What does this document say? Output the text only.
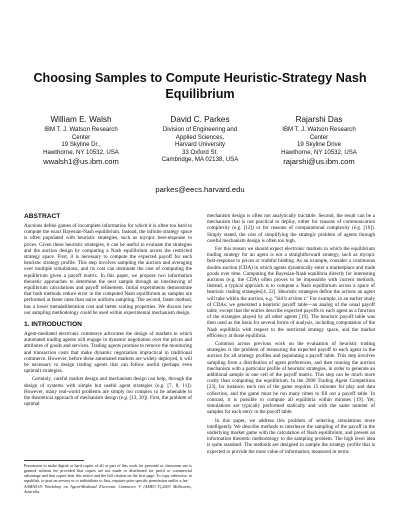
Choosing Samples to Compute Heuristic-Strategy Nash Equilibrium
William E. Walsh
IBM T. J. Watson Research
Center
19 Skyline Dr.,
Hawthorne, NY 10532, USA
wwalsh1@us.ibm.com
David C. Parkes
Division of Engineering and
Applied Sciences,
Harvard University
33 Oxford St.
Cambridge, MA 02138, USA
Rajarshi Das
IBM T. J. Watson Research
Center
19 Skyline Drive
Hawthorne, NY 10532, USA
rajarshi@us.ibm.com
parkes@eecs.harvard.edu
ABSTRACT

Auctions define games of incomplete information for which it is often too hard to compute the exact Bayesian-Nash equilibrium. Instead, the infinite strategy space is often populated with heuristic strategies, such as myopic best-response to prices. Given these heuristic strategies, it can be useful to evaluate the strategies and the auction design by computing a Nash equilibrium across the restricted strategy space. First, it is necessary to compute the expected payoff for each heuristic strategy profile. This step involves sampling the auction and averaging over multiple simulations, and its cost can dominate the cost of computing the equilibrium given a payoff matrix. In this paper, we propose two information theoretic approaches to determine the next sample through an interleaving of equilibrium calculations and payoff refinement. Initial experiments demonstrate that both methods reduce error in the computed Nash equilibrium as samples are performed at faster rates than naive uniform sampling. The second, faster method, has a lower metadeliberation cost and better scaling properties. We discuss how our sampling methodology could be used within experimental mechanism design.

1. INTRODUCTION

Agent-mediated electronic commerce advocates the design of markets in which automated trading agents will engage in dynamic negotiation over the prices and attributes of goods and services. Trading agents promise to remove the monitoring and transaction costs that make dynamic negotiation impractical in traditional commerce. However, before these automated markets are widely deployed, it will be necessary to design trading agents that can follow useful (perhaps even optimal) strategies.

Certainly, careful market design and mechanism design can help, through the design of systems with simple but useful agent strategies (e.g. [7, 8, 11]). However, many real-world problems are simply too complex to be amenable to the theoretical approach of mechanism design (e.g. [13, 20]). First, the problem of optimal

Permission to make digital or hard copies of all or part of this work for personal or classroom use is granted without fee provided that copies are not made or distributed for profit or commercial advantage and that copies bear this notice and the full citation on the first page. To copy otherwise, to republish, to post on servers or to redistribute to lists, requires prior specific permission and/or a fee.

AAMAS-03 Workshop on Agent-Mediated Electronic Commerce V (AMEC-V),2003 Melbourne, Australia.

mechanism design is often not analytically tractable. Second, the result can be a mechanism that is not practical to deploy, either for reasons of communication complexity (e.g. [12]) or for reasons of computational complexity (e.g. [10]). Simply stated, the cost of simplifying the strategic problem of agents through careful mechanism design is often too high.

For this reason we should expect electronic markets in which the equilibrium trading strategy for an agent is not a straightforward strategy, such as myopic best-response to prices or truthful bidding. As an example, consider a continuous double auction (CDA) in which agents dynamically enter a marketplace and trade goods over time. Computing the Bayesian-Nash equilibria directly for interesting auctions (e.g. the CDA) often proves to be impossible with current methods. Instead, a typical approach is to compute a Nash equilibrium across a space of heuristic trading strategies[4, 22]. Heuristic strategies define the actions an agent will take within the auction, e.g. "bid b at time t." For example, in an earlier study of CDAs, we generated a heuristic payoff table—an analog of the usual payoff table, except that the entries describe expected payoffs to each agent as a function of the strategies played by all other agents [19]. The heuristic payoff table was then used as the basis for several forms of analysis, including computation of the Nash equilibria with respect to the restricted strategy space, and the market efficiency at those equilibria.

Common across previous work on the evaluation of heuristic trading strategies is the problem of measuring the expected payoff to each agent in the auction for all strategy profiles and populating a payoff table. This step involves sampling from a distribution of agent preferences, and then running the auction mechanism with a particular profile of heuristic strategies, in order to generate an additional sample in one cell of the payoff matrix. This step can be much more costly than computing the equilibrium. In the 2000 Trading Agent Competition [23], for instance, each run of the game requires 15 minutes for play and data collection, and the game must be run many times to fill out a payoff table. In contrast, it is possible to compute all equilibria within minutes [19]. Yet, simulations are typically performed statically and with the same number of samples for each entry in the payoff table.

In this paper, we address this problem of selecting simulations more intelligently. We describe methods to interleave the sampling of the payoff in the underlying market game with the calculation of Nash equilibrium, and present an information theoretic methodology to the sampling problem. The high level idea is quite standard: The methods are designed to sample the strategy profile that is expected to provide the most value of information, measured in terms
